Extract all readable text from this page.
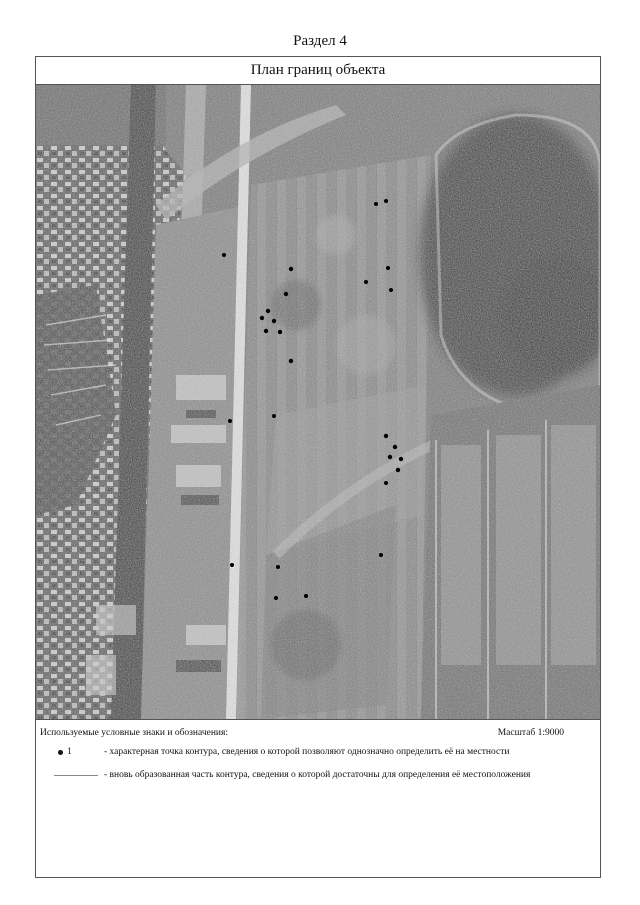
Раздел 4
План границ объекта
Используемые условные знаки и обозначения:	Масштаб 1:9000
1	- характерная точка контура, сведения о которой позволяют однозначно определить её на местности
- вновь образованная часть контура, сведения о которой достаточны для определения её местоположения
